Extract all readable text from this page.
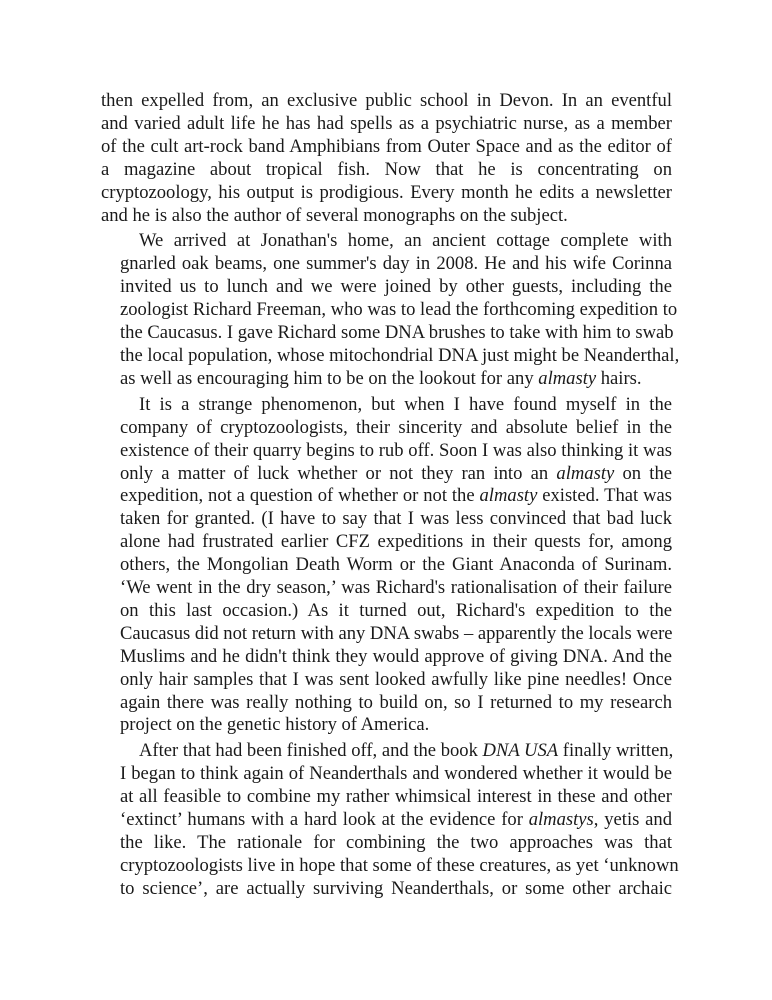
then expelled from, an exclusive public school in Devon. In an eventful
and varied adult life he has had spells as a psychiatric nurse, as a member
of the cult art-rock band Amphibians from Outer Space and as the editor of
a magazine about tropical fish. Now that he is concentrating on
cryptozoology, his output is prodigious. Every month he edits a newsletter
and he is also the author of several monographs on the subject.
We arrived at Jonathan's home, an ancient cottage complete with
gnarled oak beams, one summer's day in 2008. He and his wife Corinna
invited us to lunch and we were joined by other guests, including the
zoologist Richard Freeman, who was to lead the forthcoming expedition to
the Caucasus. I gave Richard some DNA brushes to take with him to swab
the local population, whose mitochondrial DNA just might be Neanderthal,
as well as encouraging him to be on the lookout for any almasty hairs.
It is a strange phenomenon, but when I have found myself in the
company of cryptozoologists, their sincerity and absolute belief in the
existence of their quarry begins to rub off. Soon I was also thinking it was
only a matter of luck whether or not they ran into an almasty on the
expedition, not a question of whether or not the almasty existed. That was
taken for granted. (I have to say that I was less convinced that bad luck
alone had frustrated earlier CFZ expeditions in their quests for, among
others, the Mongolian Death Worm or the Giant Anaconda of Surinam.
‘We went in the dry season,’ was Richard's rationalisation of their failure
on this last occasion.) As it turned out, Richard's expedition to the
Caucasus did not return with any DNA swabs – apparently the locals were
Muslims and he didn't think they would approve of giving DNA. And the
only hair samples that I was sent looked awfully like pine needles! Once
again there was really nothing to build on, so I returned to my research
project on the genetic history of America.
After that had been finished off, and the book DNA USA finally written,
I began to think again of Neanderthals and wondered whether it would be
at all feasible to combine my rather whimsical interest in these and other
‘extinct’ humans with a hard look at the evidence for almastys, yetis and
the like. The rationale for combining the two approaches was that
cryptozoologists live in hope that some of these creatures, as yet ‘unknown
to science’, are actually surviving Neanderthals, or some other archaic
